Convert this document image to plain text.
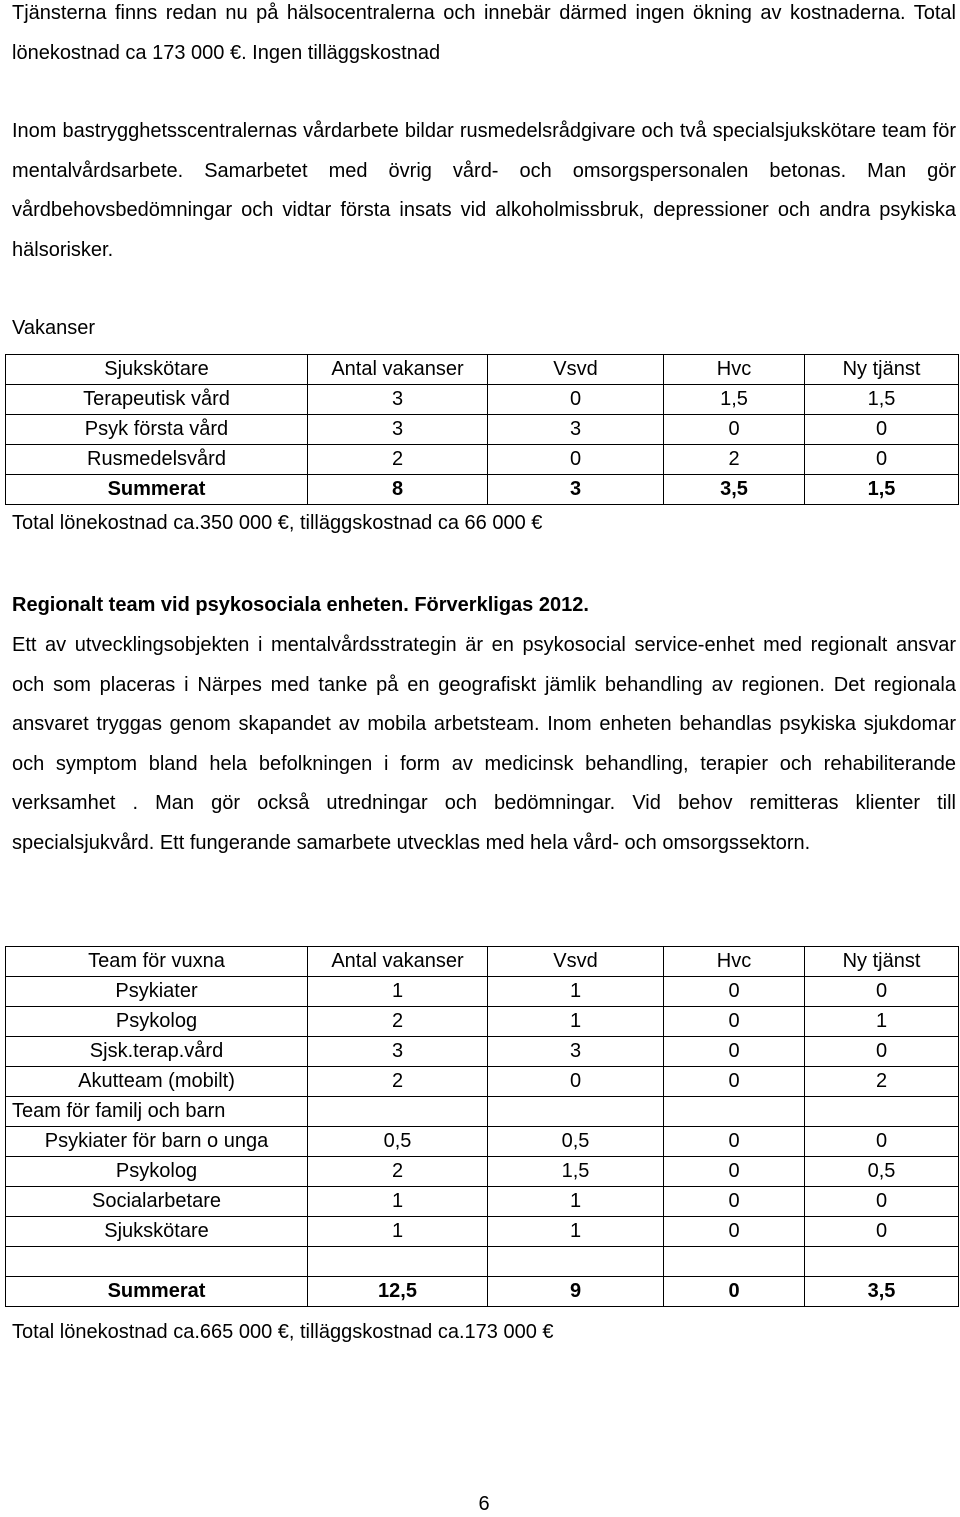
Tjänsterna finns redan nu på hälsocentralerna och innebär därmed ingen ökning av kostnaderna. Total lönekostnad ca 173 000 €. Ingen tilläggskostnad

Inom bastrygghetsscentralernas vårdarbete bildar rusmedelsrådgivare och två specialsjukskötare team för mentalvårdsarbete. Samarbetet med övrig vård- och omsorgspersonalen betonas. Man gör vårdbehovsbedömningar och vidtar första insats vid alkoholmissbruk, depressioner och andra psykiska hälsorisker.

Vakanser
Sjukskötare	Antal vakanser	Vsvd	Hvc	Ny tjänst
Terapeutisk vård	3	0	1,5	1,5
Psyk första vård	3	3	0	0
Rusmedelsvård	2	0	2	0
Summerat	8	3	3,5	1,5
Total lönekostnad ca.350 000 €, tilläggskostnad ca 66 000 €
Regionalt team vid psykosociala enheten. Förverkligas 2012.

Ett av utvecklingsobjekten i mentalvårdsstrategin är en psykosocial service-enhet med regionalt ansvar och som placeras i Närpes med tanke på en geografiskt jämlik behandling av regionen. Det regionala ansvaret tryggas genom skapandet av mobila arbetsteam. Inom enheten behandlas psykiska sjukdomar och symptom bland hela befolkningen i form av medicinsk behandling, terapier och rehabiliterande verksamhet . Man gör också utredningar och bedömningar. Vid behov remitteras klienter till specialsjukvård. Ett fungerande samarbete utvecklas med hela vård- och omsorgssektorn.

Team för vuxna	Antal vakanser	Vsvd	Hvc	Ny tjänst
Psykiater	1	1	0	0
Psykolog	2	1	0	1
Sjsk.terap.vård	3	3	0	0
Akutteam (mobilt)	2	0	0	2
Team för familj och barn				
Psykiater för barn o unga	0,5	0,5	0	0
Psykolog	2	1,5	0	0,5
Socialarbetare	1	1	0	0
Sjukskötare	1	1	0	0

Summerat	12,5	9	0	3,5
Total lönekostnad ca.665 000 €, tilläggskostnad ca.173 000 €
6
